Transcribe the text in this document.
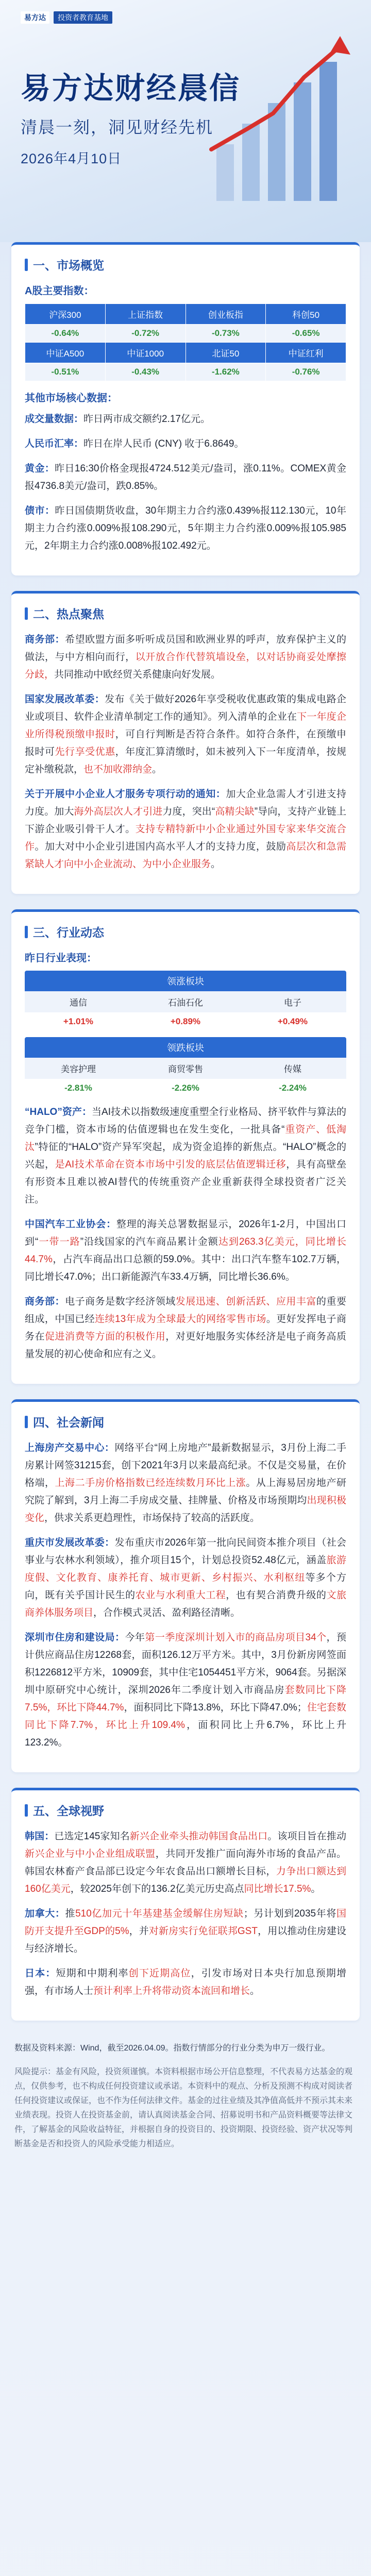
易方达	投资者教育基地
易方达财经晨信
清晨一刻，洞见财经先机
2026年4月10日
一、市场概览
A股主要指数：
沪深300	上证指数	创业板指	科创50
-0.64%	-0.72%	-0.73%	-0.65%
中证A500	中证1000	北证50	中证红利
-0.51%	-0.43%	-1.62%	-0.76%
其他市场核心数据：

成交量数据：昨日两市成交额约2.17亿元。

人民币汇率：昨日在岸人民币 (CNY) 收于6.8649。

黄金：昨日16:30价格金现报4724.512美元/盎司，涨0.11%。COMEX黄金报4736.8美元/盎司，跌0.85%。

债市：昨日国债期货收盘，30年期主力合约涨0.439%报112.130元，10年期主力合约涨0.009%报108.290元，5年期主力合约涨0.009%报105.985元，2年期主力合约涨0.008%报102.492元。

二、热点聚焦

商务部：希望欧盟方面多听听成员国和欧洲业界的呼声，放弃保护主义的做法，与中方相向而行，以开放合作代替筑墙设垒，以对话协商妥处摩擦分歧，共同推动中欧经贸关系健康向好发展。

国家发展改革委：发布《关于做好2026年享受税收优惠政策的集成电路企业或项目、软件企业清单制定工作的通知》。列入清单的企业在下一年度企业所得税预缴申报时，可自行判断是否符合条件。如符合条件，在预缴申报时可先行享受优惠，年度汇算清缴时，如未被列入下一年度清单，按规定补缴税款，也不加收滞纳金。

关于开展中小企业人才服务专项行动的通知：加大企业急需人才引进支持力度。加大海外高层次人才引进力度，突出“高精尖缺”导向，支持产业链上下游企业吸引骨干人才。支持专精特新中小企业通过外国专家来华交流合作。加大对中小企业引进国内高水平人才的支持力度，鼓励高层次和急需紧缺人才向中小企业流动、为中小企业服务。

三、行业动态
昨日行业表现：
领涨板块
通信	石油石化	电子
+1.01%	+0.89%	+0.49%
领跌板块
美容护理	商贸零售	传媒
-2.81%	-2.26%	-2.24%

“HALO”资产：当AI技术以指数级速度重塑全行业格局、挤平软件与算法的竞争门槛，资本市场的估值逻辑也在发生变化，一批具备“重资产、低淘汰”特征的“HALO”资产异军突起，成为资金追捧的新焦点。“HALO”概念的兴起，是AI技术革命在资本市场中引发的底层估值逻辑迁移，具有高壁垒有形资本且难以被AI替代的传统重资产企业重新获得全球投资者广泛关注。

中国汽车工业协会：整理的海关总署数据显示，2026年1-2月，中国出口到“一带一路”沿线国家的汽车商品累计金额达到263.3亿美元，同比增长44.7%，占汽车商品出口总额的59.0%。其中：出口汽车整车102.7万辆，同比增长47.0%；出口新能源汽车33.4万辆，同比增长36.6%。

商务部：电子商务是数字经济领域发展迅速、创新活跃、应用丰富的重要组成，中国已经连续13年成为全球最大的网络零售市场。更好发挥电子商务在促进消费等方面的积极作用，对更好地服务实体经济是电子商务高质量发展的初心使命和应有之义。

四、社会新闻

上海房产交易中心：网络平台“网上房地产”最新数据显示，3月份上海二手房累计网签31215套，创下2021年3月以来最高纪录。不仅是交易量，在价格端，上海二手房价格指数已经连续数月环比上涨。从上海易居房地产研究院了解到，3月上海二手房成交量、挂牌量、价格及市场预期均出现积极变化，供求关系更趋理性，市场保持了较高的活跃度。

重庆市发展改革委：发布重庆市2026年第一批向民间资本推介项目（社会事业与农林水利领域），推介项目15个，计划总投资52.48亿元，涵盖旅游度假、文化教育、康养托育、城市更新、乡村振兴、水利枢纽等多个方向，既有关乎国计民生的农业与水利重大工程，也有契合消费升级的文旅商养体服务项目，合作模式灵活、盈利路径清晰。

深圳市住房和建设局：今年第一季度深圳计划入市的商品房项目34个，预计供应商品住房12268套，面积126.12万平方米。其中，3月份新房网签面积1226812平方米，10909套，其中住宅1054451平方米，9064套。另据深圳中原研究中心统计，深圳2026年二季度计划入市商品房套数同比下降7.5%，环比下降44.7%，面积同比下降13.8%，环比下降47.0%；住宅套数同比下降7.7%，环比上升109.4%，面积同比上升6.7%，环比上升123.2%。

五、全球视野

韩国：已选定145家知名新兴企业牵头推动韩国食品出口。该项目旨在推动新兴企业与中小企业组成联盟，共同开发推广面向海外市场的食品产品。韩国农林畜产食品部已设定今年农食品出口额增长目标，力争出口额达到160亿美元，较2025年创下的136.2亿美元历史高点同比增长17.5%。

加拿大：推510亿加元十年基建基金缓解住房短缺；另计划到2035年将国防开支提升至GDP的5%，并对新房实行免征联邦GST，用以推动住房建设与经济增长。

日本：短期和中期利率创下近期高位，引发市场对日本央行加息预期增强，有市场人士预计利率上升将带动资本流回和增长。

数据及资料来源：Wind，截至2026.04.09。指数行情部分的行业分类为申万一级行业。

风险提示：基金有风险，投资须谨慎。本资料根据市场公开信息整理，不代表易方达基金的观点，仅供参考，也不构成任何投资建议或承诺。本资料中的观点、分析及预测不构成对阅读者任何投资建议或保证，也不作为任何法律文件。基金的过往业绩及其净值高低并不预示其未来业绩表现。投资人在投资基金前，请认真阅读基金合同、招募说明书和产品资料概要等法律文件，了解基金的风险收益特征，并根据自身的投资目的、投资期限、投资经验、资产状况等判断基金是否和投资人的风险承受能力相适应。
